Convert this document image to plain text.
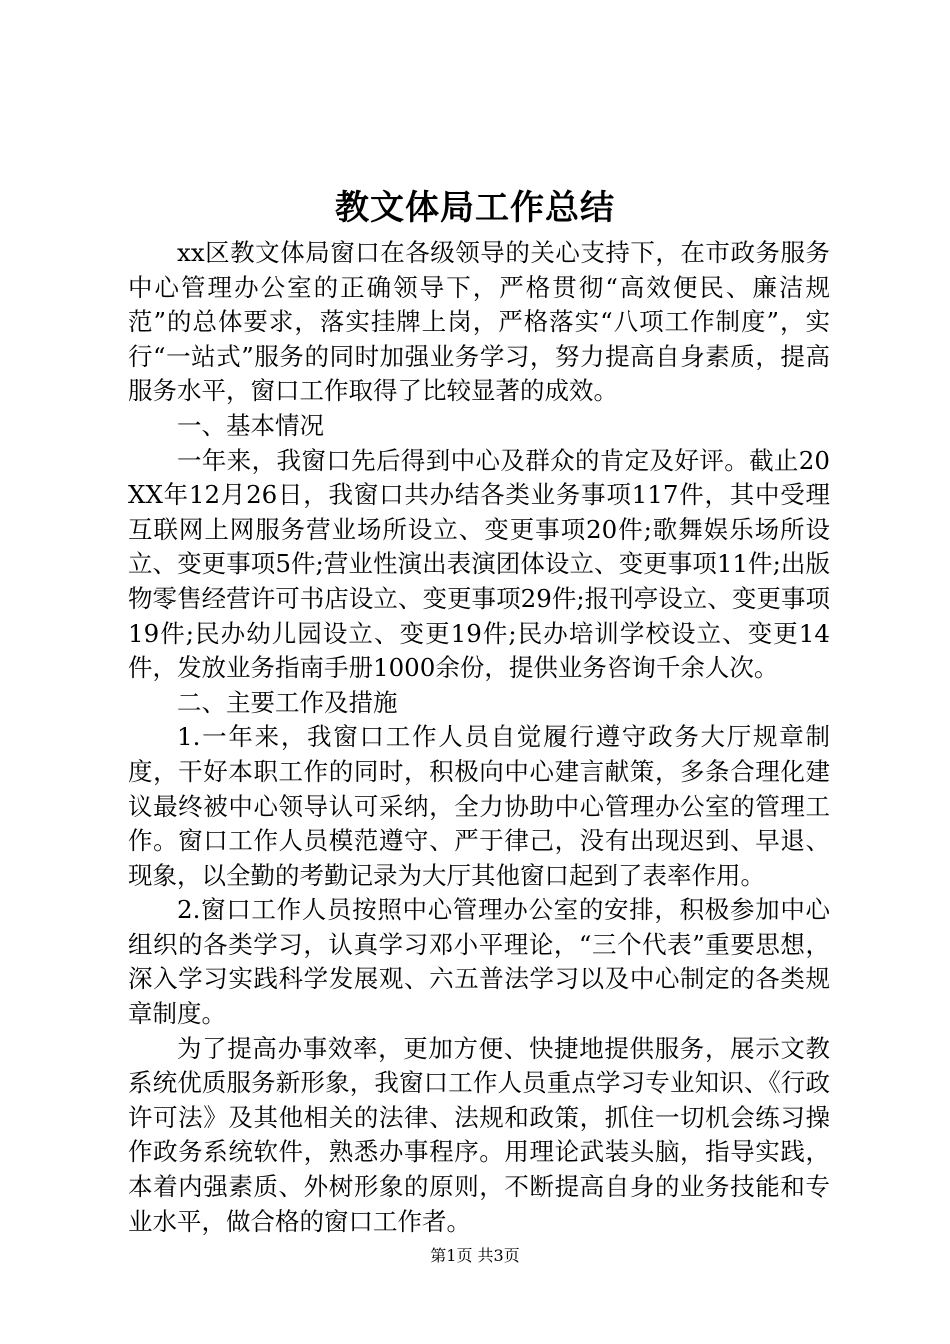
教文体局工作总结

xx区教文体局窗口在各级领导的关心支持下，在市政务服务中心管理办公室的正确领导下，严格贯彻“高效便民、廉洁规范”的总体要求，落实挂牌上岗，严格落实“八项工作制度”，实行“一站式”服务的同时加强业务学习，努力提高自身素质，提高服务水平，窗口工作取得了比较显著的成效。

一、基本情况

一年来，我窗口先后得到中心及群众的肯定及好评。截止20XX年12月26日，我窗口共办结各类业务事项117件，其中受理互联网上网服务营业场所设立、变更事项20件;歌舞娱乐场所设立、变更事项5件;营业性演出表演团体设立、变更事项11件;出版物零售经营许可书店设立、变更事项29件;报刊亭设立、变更事项19件;民办幼儿园设立、变更19件;民办培训学校设立、变更14件，发放业务指南手册1000余份，提供业务咨询千余人次。

二、主要工作及措施

1.一年来，我窗口工作人员自觉履行遵守政务大厅规章制度，干好本职工作的同时，积极向中心建言献策，多条合理化建议最终被中心领导认可采纳，全力协助中心管理办公室的管理工作。窗口工作人员模范遵守、严于律己，没有出现迟到、早退、现象，以全勤的考勤记录为大厅其他窗口起到了表率作用。

2.窗口工作人员按照中心管理办公室的安排，积极参加中心组织的各类学习，认真学习邓小平理论，“三个代表”重要思想，深入学习实践科学发展观、六五普法学习以及中心制定的各类规章制度。

为了提高办事效率，更加方便、快捷地提供服务，展示文教系统优质服务新形象，我窗口工作人员重点学习专业知识、《行政许可法》及其他相关的法律、法规和政策，抓住一切机会练习操作政务系统软件，熟悉办事程序。用理论武装头脑，指导实践，本着内强素质、外树形象的原则，不断提高自身的业务技能和专业水平，做合格的窗口工作者。

第1页 共3页
